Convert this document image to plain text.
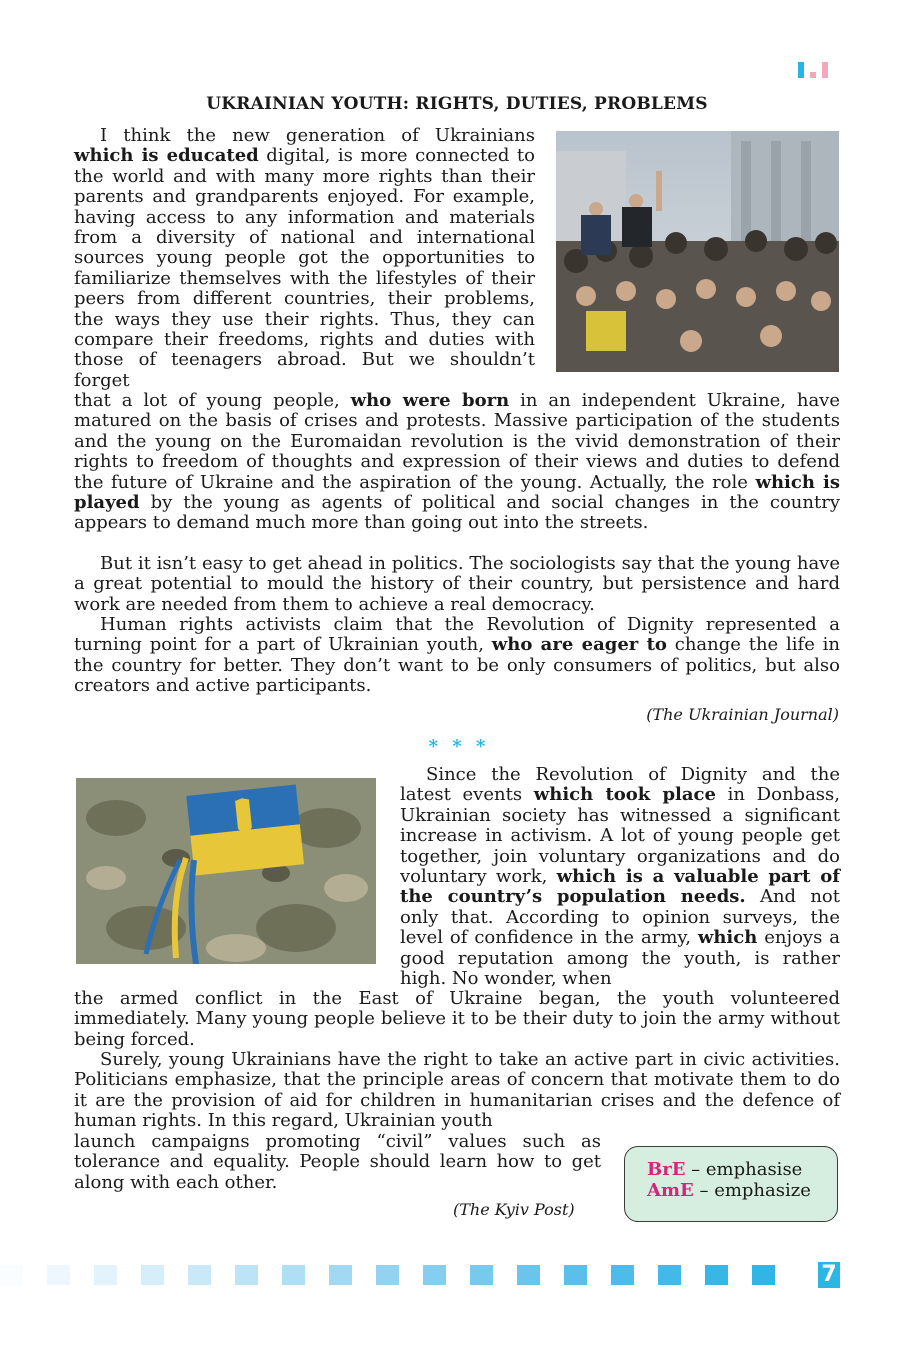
UKRAINIAN YOUTH: RIGHTS, DUTIES, PROBLEMS

I think the new generation of Ukrainians which is educated digital, is more connected to the world and with many more rights than their parents and grandparents enjoyed. For example, having access to any information and materials from a diversity of national and international sources young people got the opportunities to familiarize themselves with the lifestyles of their peers from different countries, their problems, the ways they use their rights. Thus, they can compare their freedoms, rights and duties with those of teenagers abroad. But we shouldn’t forget

that a lot of young people, who were born in an independent Ukraine, have matured on the basis of crises and protests. Massive participation of the students and the young on the Euromaidan revolution is the vivid demonstration of their rights to freedom of thoughts and expression of their views and duties to defend the future of Ukraine and the aspiration of the young. Actually, the role which is played by the young as agents of political and social changes in the country appears to demand much more than going out into the streets.

But it isn’t easy to get ahead in politics. The sociologists say that the young have a great potential to mould the history of their country, but persistence and hard work are needed from them to achieve a real democracy.

Human rights activists claim that the Revolution of Dignity represented a turning point for a part of Ukrainian youth, who are eager to change the life in the country for better. They don’t want to be only consumers of politics, but also creators and active participants.

(The Ukrainian Journal)
* * *

Since the Revolution of Dignity and the latest events which took place in Donbass, Ukrainian society has witnessed a significant increase in activism. A lot of young people get together, join voluntary organizations and do voluntary work, which is a valuable part of the country’s population needs. And not only that. According to opinion surveys, the level of confidence in the army, which enjoys a good reputation among the youth, is rather high. No wonder, when

the armed conflict in the East of Ukraine began, the youth volunteered immediately. Many young people believe it to be their duty to join the army without being forced.

Surely, young Ukrainians have the right to take an active part in civic activities. Politicians emphasize, that the principle areas of concern that motivate them to do it are the provision of aid for children in humanitarian crises and the defence of human rights. In this regard, Ukrainian youth

launch campaigns promoting “civil” values such as tolerance and equality. People should learn how to get along with each other.

(The Kyiv Post)
BrE – emphasise
AmE – emphasize
7
